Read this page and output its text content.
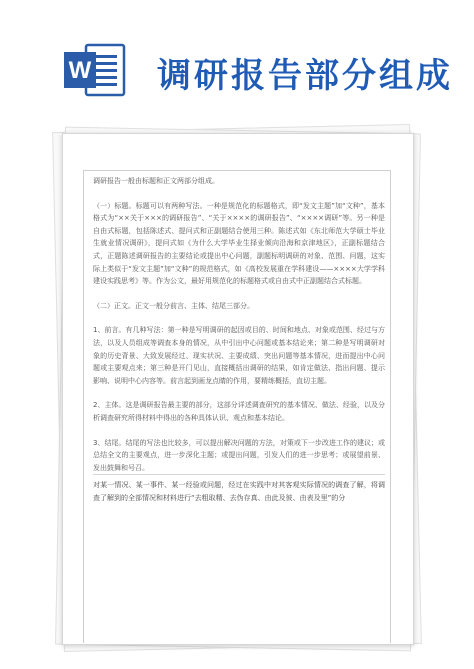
W 调研报告部分组成

调研报告一般由标题和正文两部分组成。

（一）标题。标题可以有两种写法。一种是规范化的标题格式，即“发文主题”加“文种”，基本格式为“××关于×××的调研报告”、“关于××××的调研报告”、“××××调研”等。另一种是自由式标题，包括陈述式、提问式和正副题结合使用三种。陈述式如《东北师范大学硕士毕业生就业情况调研》，提问式如《为什么大学毕业生择业倾向沿海和京津地区》，正副标题结合式，正题陈述调研报告的主要结论或提出中心问题，副题标明调研的对象、范围、问题，这实际上类似于“发文主题”加“文种”的规范格式，如《高校发展重在学科建设——××××大学学科建设实践思考》等。作为公文，最好用规范化的标题格式或自由式中正副题结合式标题。

（二）正文。正文一般分前言、主体、结尾三部分。

1、前言。有几种写法：第一种是写明调研的起因或目的、时间和地点、对象或范围、经过与方法，以及人员组成等调查本身的情况，从中引出中心问题或基本结论来；第二种是写明调研对象的历史背景、大致发展经过、现实状况、主要成绩、突出问题等基本情况，进而提出中心问题或主要观点来；第三种是开门见山，直接概括出调研的结果，如肯定做法、指出问题、提示影响、说明中心内容等。前言起到画龙点睛的作用，要精练概括，直切主题。

2、主体。这是调研报告最主要的部分，这部分详述调查研究的基本情况、做法、经验，以及分析调查研究所得材料中得出的各种具体认识、观点和基本结论。

3、结尾。结尾的写法也比较多，可以提出解决问题的方法，对策或下一步改进工作的建议；或总结全文的主要观点，进一步深化主题；或提出问题，引发人们的进一步思考；或展望前景、发出鼓舞和号召。

对某一情况、某一事件、某一经验或问题，经过在实践中对其客观实际情况的调查了解，将调查了解到的全部情况和材料进行“去粗取精、去伪存真、由此及彼、由表及里”的分
